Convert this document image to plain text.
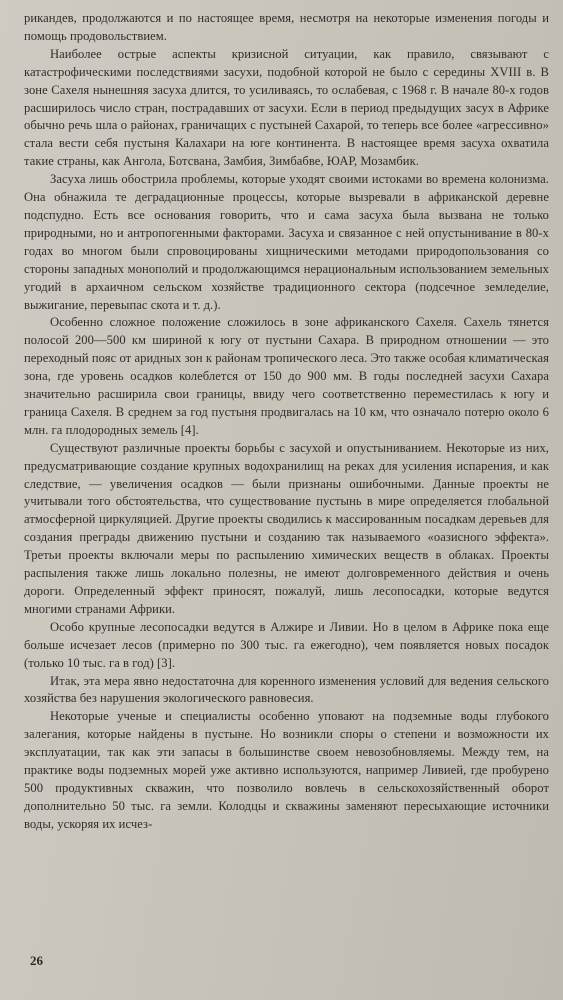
рикандев, продолжаются и по настоящее время, несмотря на некоторые изменения погоды и помощь продовольствием.

Наиболее острые аспекты кризисной ситуации, как правило, связывают с катастрофическими последствиями засухи, подобной которой не было с середины XVIII в. В зоне Сахеля нынешняя засуха длится, то усиливаясь, то ослабевая, с 1968 г. В начале 80-х годов расширилось число стран, пострадавших от засухи. Если в период предыдущих засух в Африке обычно речь шла о районах, граничащих с пустыней Сахарой, то теперь все более «агрессивно» стала вести себя пустыня Калахари на юге континента. В настоящее время засуха охватила такие страны, как Ангола, Ботсвана, Замбия, Зимбабве, ЮАР, Мозамбик.

Засуха лишь обострила проблемы, которые уходят своими истоками во времена колонизма. Она обнажила те деградационные процессы, которые вызревали в африканской деревне подспудно. Есть все основания говорить, что и сама засуха была вызвана не только природными, но и антропогенными факторами. Засуха и связанное с ней опустынивание в 80-х годах во многом были спровоцированы хищническими методами природопользования со стороны западных монополий и продолжающимся нерациональным использованием земельных угодий в архаичном сельском хозяйстве традиционного сектора (подсечное земледелие, выжигание, перевыпас скота и т. д.).

Особенно сложное положение сложилось в зоне африканского Сахеля. Сахель тянется полосой 200—500 км шириной к югу от пустыни Сахара. В природном отношении — это переходный пояс от аридных зон к районам тропического леса. Это также особая климатическая зона, где уровень осадков колеблется от 150 до 900 мм. В годы последней засухи Сахара значительно расширила свои границы, ввиду чего соответственно переместилась к югу и граница Сахеля. В среднем за год пустыня продвигалась на 10 км, что означало потерю около 6 млн. га плодородных земель [4].

Существуют различные проекты борьбы с засухой и опустыниванием. Некоторые из них, предусматривающие создание крупных водохранилищ на реках для усиления испарения, и как следствие, — увеличения осадков — были признаны ошибочными. Данные проекты не учитывали того обстоятельства, что существование пустынь в мире определяется глобальной атмосферной циркуляцией. Другие проекты сводились к массированным посадкам деревьев для создания преграды движению пустыни и созданию так называемого «оазисного эффекта». Третьи проекты включали меры по распылению химических веществ в облаках. Проекты распыления также лишь локально полезны, не имеют долговременного действия и очень дороги. Определенный эффект приносят, пожалуй, лишь лесопосадки, которые ведутся многими странами Африки.

Особо крупные лесопосадки ведутся в Алжире и Ливии. Но в целом в Африке пока еще больше исчезает лесов (примерно по 300 тыс. га ежегодно), чем появляется новых посадок (только 10 тыс. га в год) [3].

Итак, эта мера явно недостаточна для коренного изменения условий для ведения сельского хозяйства без нарушения экологического равновесия.

Некоторые ученые и специалисты особенно уповают на подземные воды глубокого залегания, которые найдены в пустыне. Но возникли споры о степени и возможности их эксплуатации, так как эти запасы в большинстве своем невозобновляемы. Между тем, на практике воды подземных морей уже активно используются, например Ливией, где пробурено 500 продуктивных скважин, что позволило вовлечь в сельскохозяйственный оборот дополнительно 50 тыс. га земли. Колодцы и скважины заменяют пересыхающие источники воды, ускоряя их исчез-

26
